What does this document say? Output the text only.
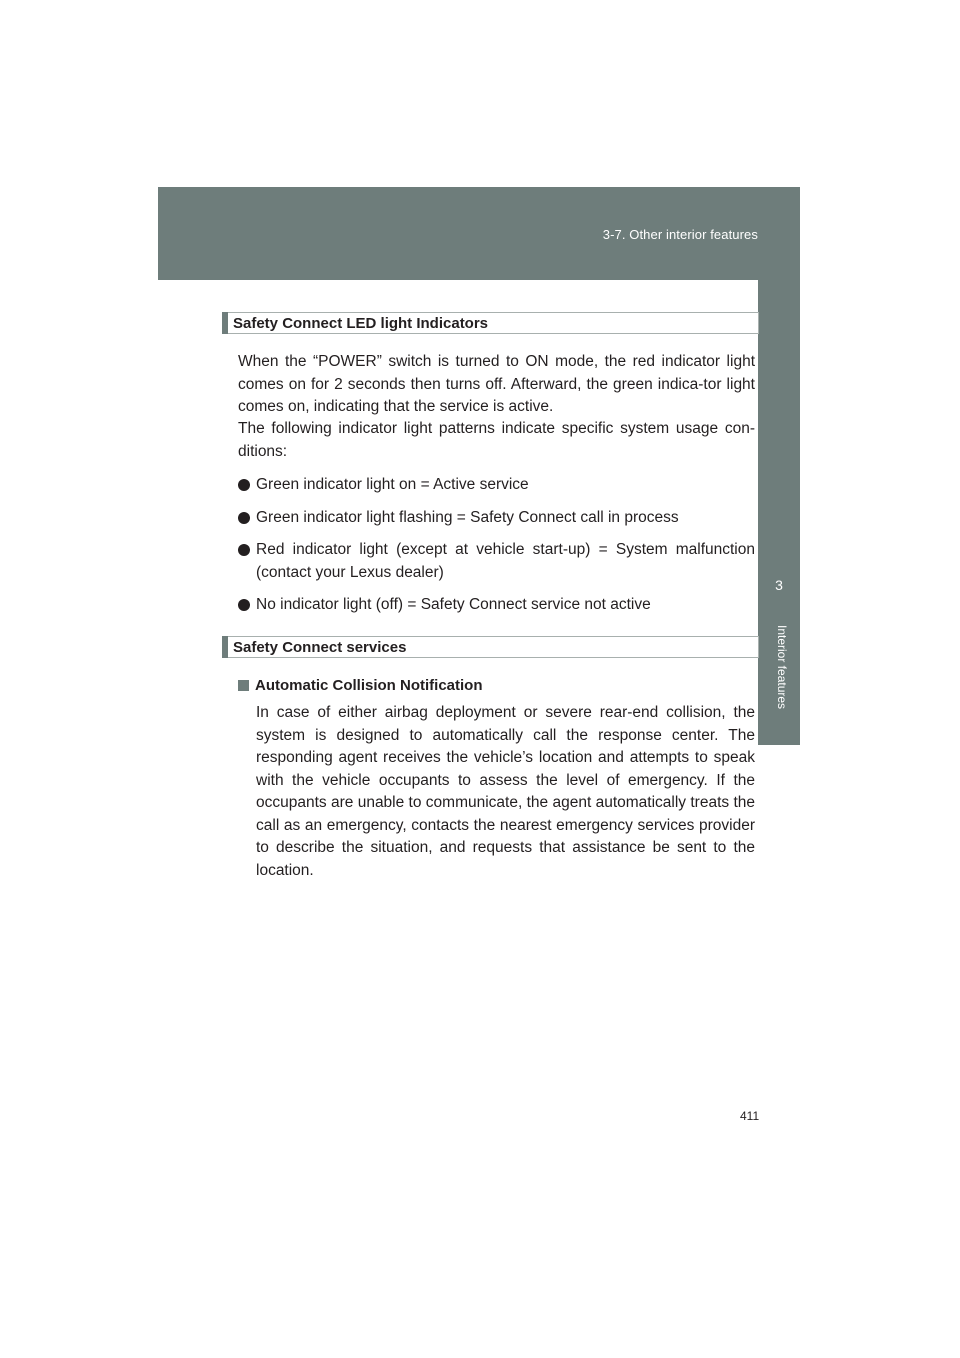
3-7. Other interior features
3
Interior features
Safety Connect LED light Indicators

When the “POWER” switch is turned to ON mode, the red indicator light comes on for 2 seconds then turns off. Afterward, the green indica-tor light comes on, indicating that the service is active.

The following indicator light patterns indicate specific system usage con-ditions:

Green indicator light on = Active service
Green indicator light flashing = Safety Connect call in process
Red indicator light (except at vehicle start-up) = System malfunction (contact your Lexus dealer)
No indicator light (off) = Safety Connect service not active
Safety Connect services
Automatic Collision Notification

In case of either airbag deployment or severe rear-end collision, the system is designed to automatically call the response center. The responding agent receives the vehicle’s location and attempts to speak with the vehicle occupants to assess the level of emergency. If the occupants are unable to communicate, the agent automatically treats the call as an emergency, contacts the nearest emergency services provider to describe the situation, and requests that assistance be sent to the location.

411
